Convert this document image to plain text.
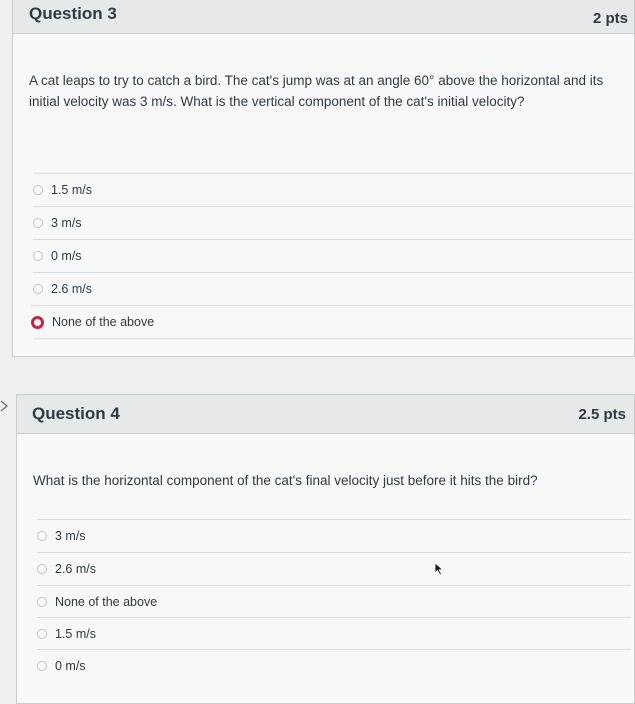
Question 3	2 pts
A cat leaps to try to catch a bird. The cat's jump was at an angle 60° above the horizontal and its
initial velocity was 3 m/s. What is the vertical component of the cat's initial velocity?
1.5 m/s
3 m/s
0 m/s
2.6 m/s
None of the above
Question 4	2.5 pts
What is the horizontal component of the cat's final velocity just before it hits the bird?
3 m/s
2.6 m/s
None of the above
1.5 m/s
0 m/s
